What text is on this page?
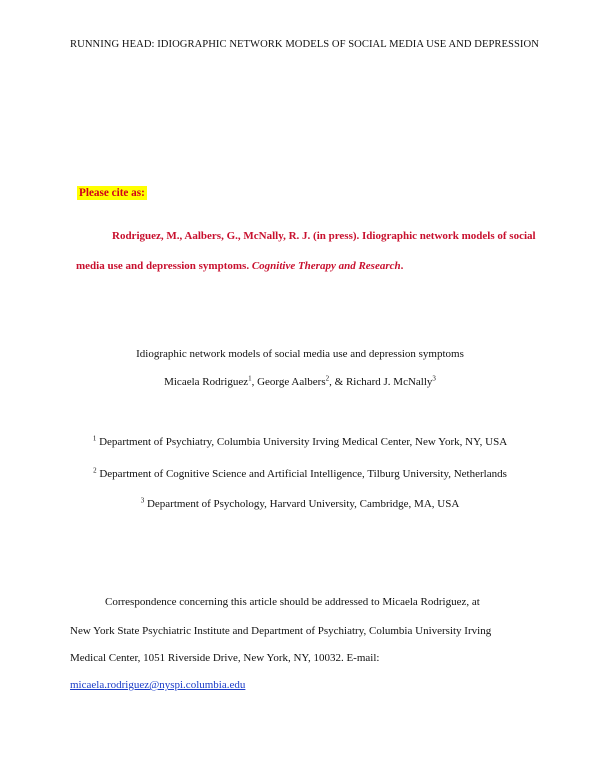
RUNNING HEAD: IDIOGRAPHIC NETWORK MODELS OF SOCIAL MEDIA USE AND DEPRESSION
Please cite as:
Rodriguez, M., Aalbers, G., McNally, R. J. (in press). Idiographic network models of social media use and depression symptoms. Cognitive Therapy and Research.
Idiographic network models of social media use and depression symptoms
Micaela Rodriguez$^1$, George Aalbers$^2$, & Richard J. McNally$^3$
$^1$ Department of Psychiatry, Columbia University Irving Medical Center, New York, NY, USA
$^2$ Department of Cognitive Science and Artificial Intelligence, Tilburg University, Netherlands
$^3$ Department of Psychology, Harvard University, Cambridge, MA, USA
Correspondence concerning this article should be addressed to Micaela Rodriguez, at
New York State Psychiatric Institute and Department of Psychiatry, Columbia University Irving
Medical Center, 1051 Riverside Drive, New York, NY, 10032. E-mail:
micaela.rodriguez@nyspi.columbia.edu
